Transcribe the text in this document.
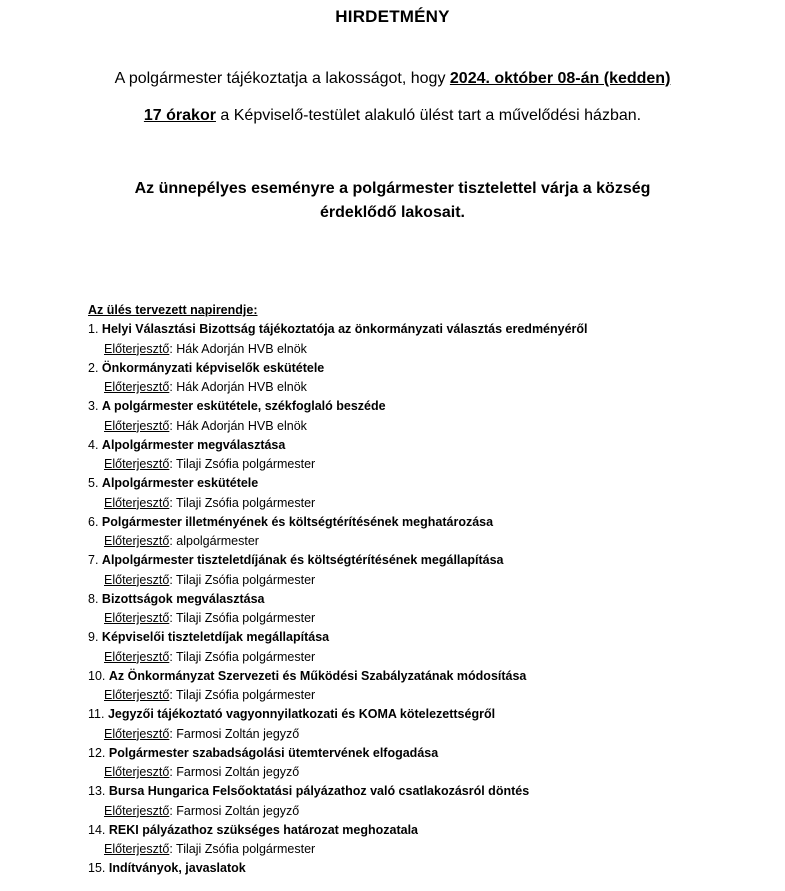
HIRDETMÉNY
A polgármester tájékoztatja a lakosságot, hogy 2024. október 08-án (kedden)
17 órakor a Képviselő-testület alakuló ülést tart a művelődési házban.
Az ünnepélyes eseményre a polgármester tisztelettel várja a község
érdeklődő lakosait.
Az ülés tervezett napirendje:
1. Helyi Választási Bizottság tájékoztatója az önkormányzati választás eredményéről
Előterjesztő: Hák Adorján HVB elnök
2. Önkormányzati képviselők eskütétele
Előterjesztő: Hák Adorján HVB elnök
3. A polgármester eskütétele, székfoglaló beszéde
Előterjesztő: Hák Adorján HVB elnök
4. Alpolgármester megválasztása
Előterjesztő: Tilaji Zsófia polgármester
5. Alpolgármester eskütétele
Előterjesztő: Tilaji Zsófia polgármester
6. Polgármester illetményének és költségtérítésének meghatározása
Előterjesztő: alpolgármester
7. Alpolgármester tiszteletdíjának és költségtérítésének megállapítása
Előterjesztő: Tilaji Zsófia polgármester
8. Bizottságok megválasztása
Előterjesztő: Tilaji Zsófia polgármester
9. Képviselői tiszteletdíjak megállapítása
Előterjesztő: Tilaji Zsófia polgármester
10. Az Önkormányzat Szervezeti és Működési Szabályzatának módosítása
Előterjesztő: Tilaji Zsófia polgármester
11. Jegyzői tájékoztató vagyonnyilatkozati és KOMA kötelezettségről
Előterjesztő: Farmosi Zoltán jegyző
12. Polgármester szabadságolási ütemtervének elfogadása
Előterjesztő: Farmosi Zoltán jegyző
13. Bursa Hungarica Felsőoktatási pályázathoz való csatlakozásról döntés
Előterjesztő: Farmosi Zoltán jegyző
14. REKI pályázathoz szükséges határozat meghozatala
Előterjesztő: Tilaji Zsófia polgármester
15. Indítványok, javaslatok
